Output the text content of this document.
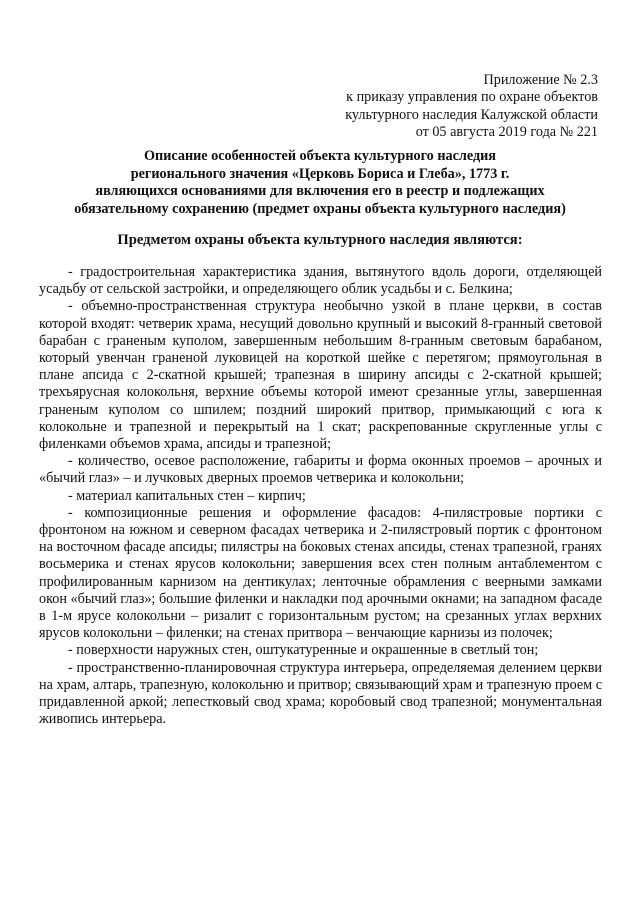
Приложение № 2.3
к приказу управления по охране объектов
культурного наследия Калужской области
от 05 августа 2019 года № 221
Описание особенностей объекта культурного наследия
регионального значения «Церковь Бориса и Глеба», 1773 г.
являющихся основаниями для включения его в реестр и подлежащих
обязательному сохранению (предмет охраны объекта культурного наследия)
Предметом охраны объекта культурного наследия являются:

- градостроительная характеристика здания, вытянутого вдоль дороги, отделяющей усадьбу от сельской застройки, и определяющего облик усадьбы и с. Белкина;

- объемно-пространственная структура необычно узкой в плане церкви, в состав которой входят: четверик храма, несущий довольно крупный и высокий 8-гранный световой барабан с граненым куполом, завершенным небольшим 8-гранным световым барабаном, который увенчан граненой луковицей на короткой шейке с перетягом; прямоугольная в плане апсида с 2-скатной крышей; трапезная в ширину апсиды с 2-скатной крышей; трехъярусная колокольня, верхние объемы которой имеют срезанные углы, завершенная граненым куполом со шпилем; поздний широкий притвор, примыкающий с юга к колокольне и трапезной и перекрытый на 1 скат; раскрепованные скругленные углы с филенками объемов храма, апсиды и трапезной;

- количество, осевое расположение, габариты и форма оконных проемов – арочных и «бычий глаз» – и лучковых дверных проемов четверика и колокольни;

- материал капитальных стен – кирпич;

- композиционные решения и оформление фасадов: 4-пилястровые портики с фронтоном на южном и северном фасадах четверика и 2-пилястровый портик с фронтоном на восточном фасаде апсиды; пилястры на боковых стенах апсиды, стенах трапезной, гранях восьмерика и стенах ярусов колокольни; завершения всех стен полным антаблементом с профилированным карнизом на дентикулах; ленточные обрамления с веерными замками окон «бычий глаз»; большие филенки и накладки под арочными окнами; на западном фасаде в 1-м ярусе колокольни – ризалит с горизонтальным рустом; на срезанных углах верхних ярусов колокольни – филенки; на стенах притвора – венчающие карнизы из полочек;

- поверхности наружных стен, оштукатуренные и окрашенные в светлый тон;

- пространственно-планировочная структура интерьера, определяемая делением церкви на храм, алтарь, трапезную, колокольню и притвор; связывающий храм и трапезную проем с придавленной аркой; лепестковый свод храма; коробовый свод трапезной; монументальная живопись интерьера.
